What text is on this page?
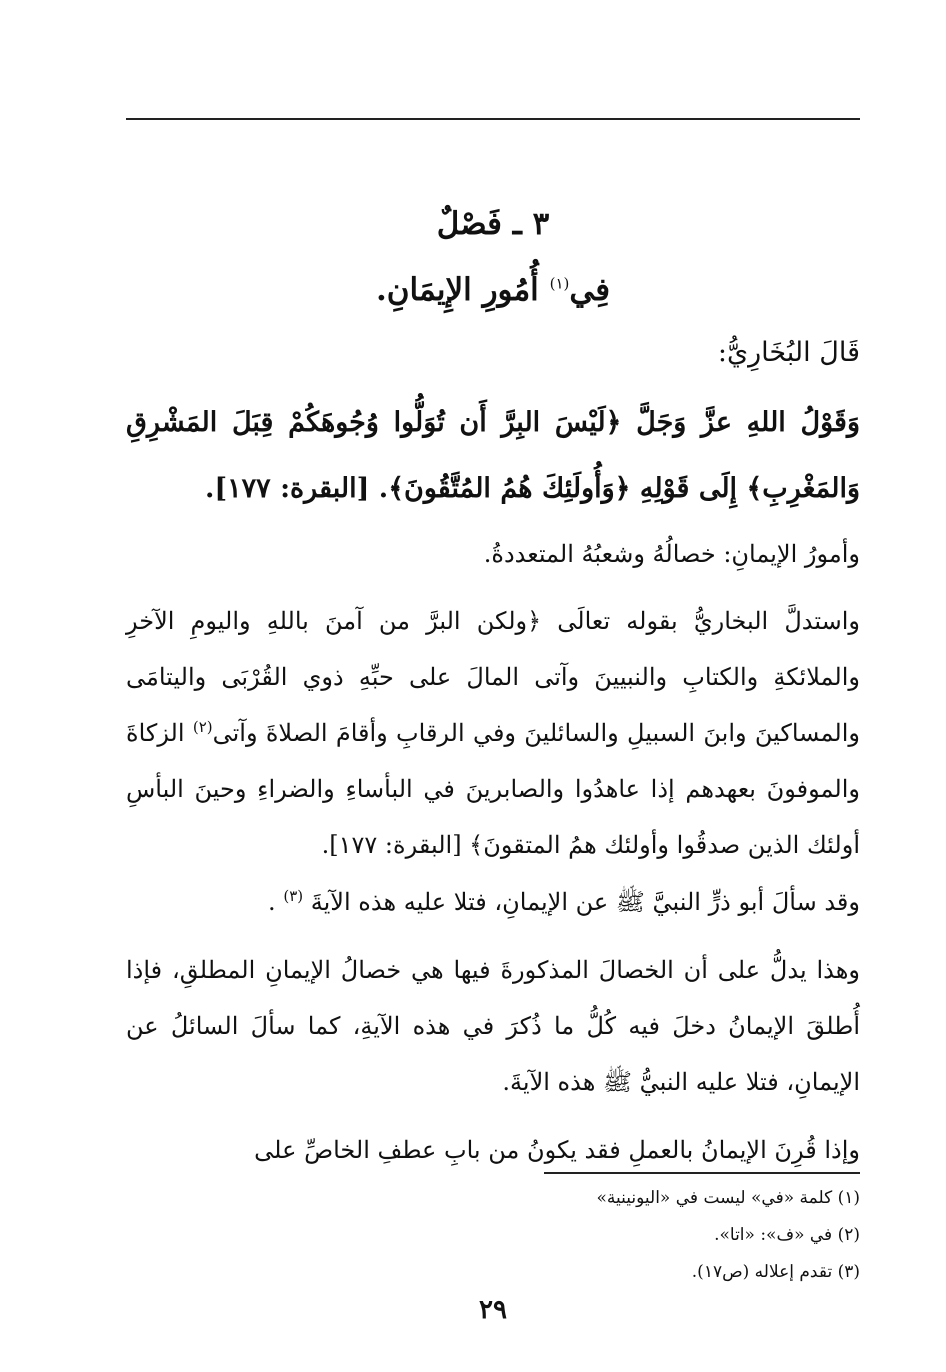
٣ ـ فَصْلٌ
فِي$^{(١)}$ أُمُورِ الإِيمَانِ.
قَالَ البُخَارِيُّ:
وَقَوْلُ اللهِ عزَّ وَجَلَّ ﴿لَيْسَ البِرَّ أَن تُوَلُّوا وُجُوهَكُمْ قِبَلَ المَشْرِقِ وَالمَغْرِبِ﴾ إِلَى قَوْلِهِ ﴿وَأُولَئِكَ هُمُ المُتَّقُونَ﴾. [البقرة: ١٧٧].
وأمورُ الإيمانِ: خصالُهُ وشعبُهُ المتعددةُ.
واستدلَّ البخاريُّ بقوله تعالَى ﴿ولكن البرَّ من آمنَ باللهِ واليومِ الآخرِ والملائكةِ والكتابِ والنبيينَ وآتى المالَ على حبِّهِ ذوي القُرْبَى واليتامَى والمساكينَ وابنَ السبيلِ والسائلينَ وفي الرقابِ وأقامَ الصلاةَ وآتى$^{(٢)}$ الزكاةَ والموفونَ بعهدهم إذا عاهدُوا والصابرينَ في البأساءِ والضراءِ وحينَ البأسِ أولئك الذين صدقُوا وأولئك همُ المتقونَ﴾ [البقرة: ١٧٧].
وقد سألَ أبو ذرٍّ النبيَّ ﷺ عن الإيمانِ، فتلا عليه هذه الآيةَ $^{(٣)}$ .
وهذا يدلُّ على أن الخصالَ المذكورةَ فيها هي خصالُ الإيمانِ المطلقِ، فإذا أُطلقَ الإيمانُ دخلَ فيه كُلُّ ما ذُكرَ في هذه الآيةِ، كما سألَ السائلُ عن الإيمانِ، فتلا عليه النبيُّ ﷺ هذه الآيةَ.
وإذا قُرِنَ الإيمانُ بالعملِ فقد يكونُ من بابِ عطفِ الخاصِّ على
(١) كلمة «في» ليست في «اليونينية»
(٢) في «ف»: «اتا».
(٣) تقدم إعلاله (ص١٧).
٢٩
